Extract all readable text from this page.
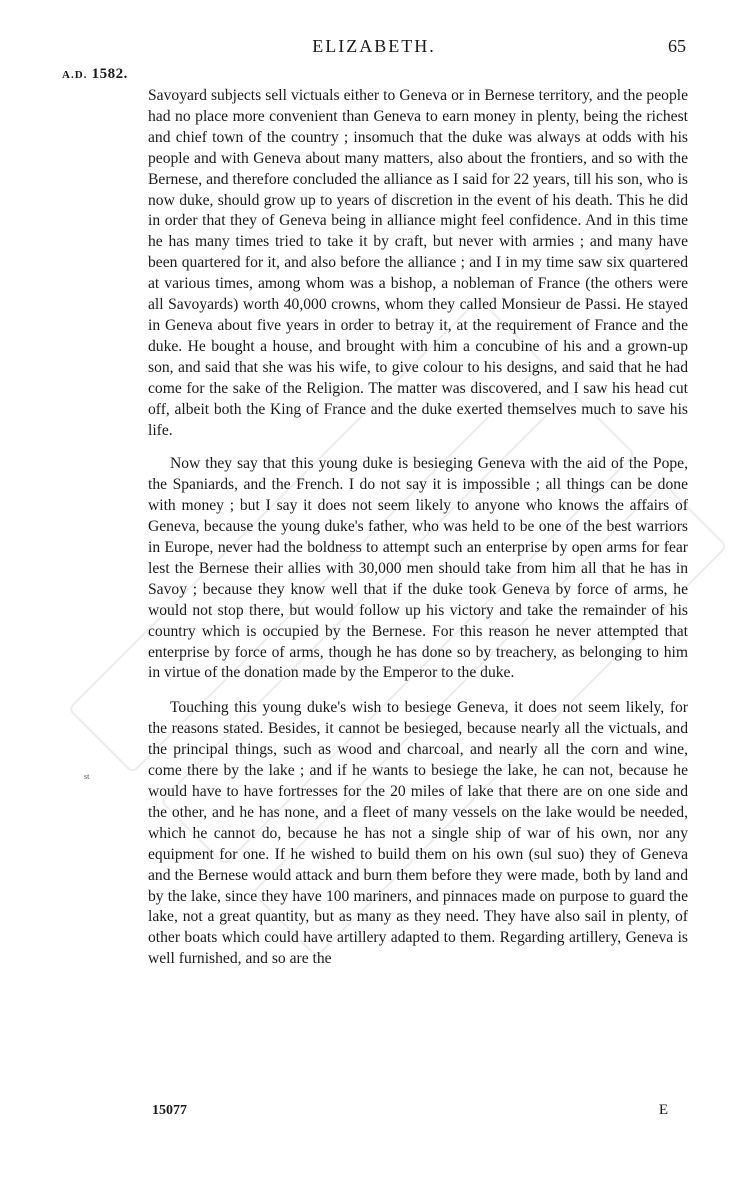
ELIZABETH.	65
A.D. 1582.

Savoyard subjects sell victuals either to Geneva or in Bernese territory, and the people had no place more convenient than Geneva to earn money in plenty, being the richest and chief town of the country ; insomuch that the duke was always at odds with his people and with Geneva about many matters, also about the frontiers, and so with the Bernese, and therefore concluded the alliance as I said for 22 years, till his son, who is now duke, should grow up to years of discretion in the event of his death. This he did in order that they of Geneva being in alliance might feel confidence. And in this time he has many times tried to take it by craft, but never with armies ; and many have been quartered for it, and also before the alliance ; and I in my time saw six quartered at various times, among whom was a bishop, a nobleman of France (the others were all Savoyards) worth 40,000 crowns, whom they called Monsieur de Passi. He stayed in Geneva about five years in order to betray it, at the requirement of France and the duke. He bought a house, and brought with him a concubine of his and a grown-up son, and said that she was his wife, to give colour to his designs, and said that he had come for the sake of the Religion. The matter was discovered, and I saw his head cut off, albeit both the King of France and the duke exerted themselves much to save his life.

Now they say that this young duke is besieging Geneva with the aid of the Pope, the Spaniards, and the French. I do not say it is impossible ; all things can be done with money ; but I say it does not seem likely to anyone who knows the affairs of Geneva, because the young duke's father, who was held to be one of the best warriors in Europe, never had the boldness to attempt such an enterprise by open arms for fear lest the Bernese their allies with 30,000 men should take from him all that he has in Savoy ; because they know well that if the duke took Geneva by force of arms, he would not stop there, but would follow up his victory and take the remainder of his country which is occupied by the Bernese. For this reason he never attempted that enterprise by force of arms, though he has done so by treachery, as belonging to him in virtue of the donation made by the Emperor to the duke.

Touching this young duke's wish to besiege Geneva, it does not seem likely, for the reasons stated. Besides, it cannot be besieged, because nearly all the victuals, and the principal things, such as wood and charcoal, and nearly all the corn and wine, come there by the lake ; and if he wants to besiege the lake, he can not, because he would have to have fortresses for the 20 miles of lake that there are on one side and the other, and he has none, and a fleet of many vessels on the lake would be needed, which he cannot do, because he has not a single ship of war of his own, nor any equipment for one. If he wished to build them on his own (sul suo) they of Geneva and the Bernese would attack and burn them before they were made, both by land and by the lake, since they have 100 mariners, and pinnaces made on purpose to guard the lake, not a great quantity, but as many as they need. They have also sail in plenty, of other boats which could have artillery adapted to them. Regarding artillery, Geneva is well furnished, and so are the

st
15077	E
